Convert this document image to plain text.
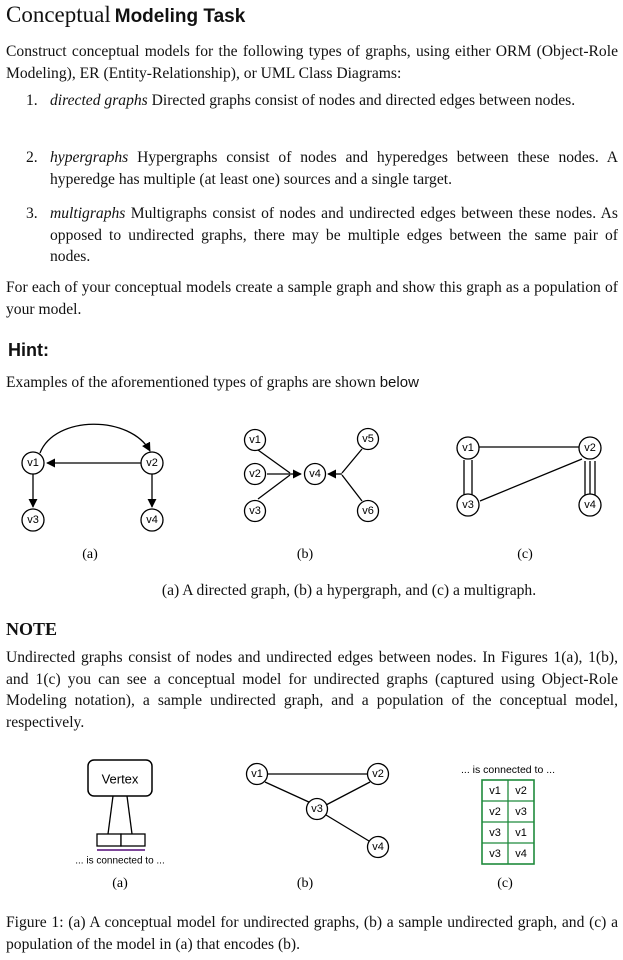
Conceptual Modeling Task
Construct conceptual models for the following types of graphs, using either ORM (Object-Role Modeling), ER (Entity-Relationship), or UML Class Diagrams:
1. directed graphs Directed graphs consist of nodes and directed edges between nodes.
2. hypergraphs Hypergraphs consist of nodes and hyperedges between these nodes. A hyperedge has multiple (at least one) sources and a single target.
3. multigraphs Multigraphs consist of nodes and undirected edges between these nodes. As opposed to undirected graphs, there may be multiple edges between the same pair of nodes.
For each of your conceptual models create a sample graph and show this graph as a population of your model.
Hint:
Examples of the aforementioned types of graphs are shown below
v1	v2
v3	v4
v1
v2
v3
v4
v5
v6
v1	v2
v3	v4
(a)	(b)	(c)
(a) A directed graph, (b) a hypergraph, and (c) a multigraph.
NOTE
Undirected graphs consist of nodes and undirected edges between nodes. In Figures 1(a), 1(b), and 1(c) you can see a conceptual model for undirected graphs (captured using Object-Role Modeling notation), a sample undirected graph, and a population of the conceptual model, respectively.
Vertex
... is connected to ...
v1	v2
v3
v4
... is connected to ...
v1 v2
v2 v3
v3 v1
v3 v4
(a)	(b)	(c)
Figure 1: (a) A conceptual model for undirected graphs, (b) a sample undirected graph, and (c) a population of the model in (a) that encodes (b).
